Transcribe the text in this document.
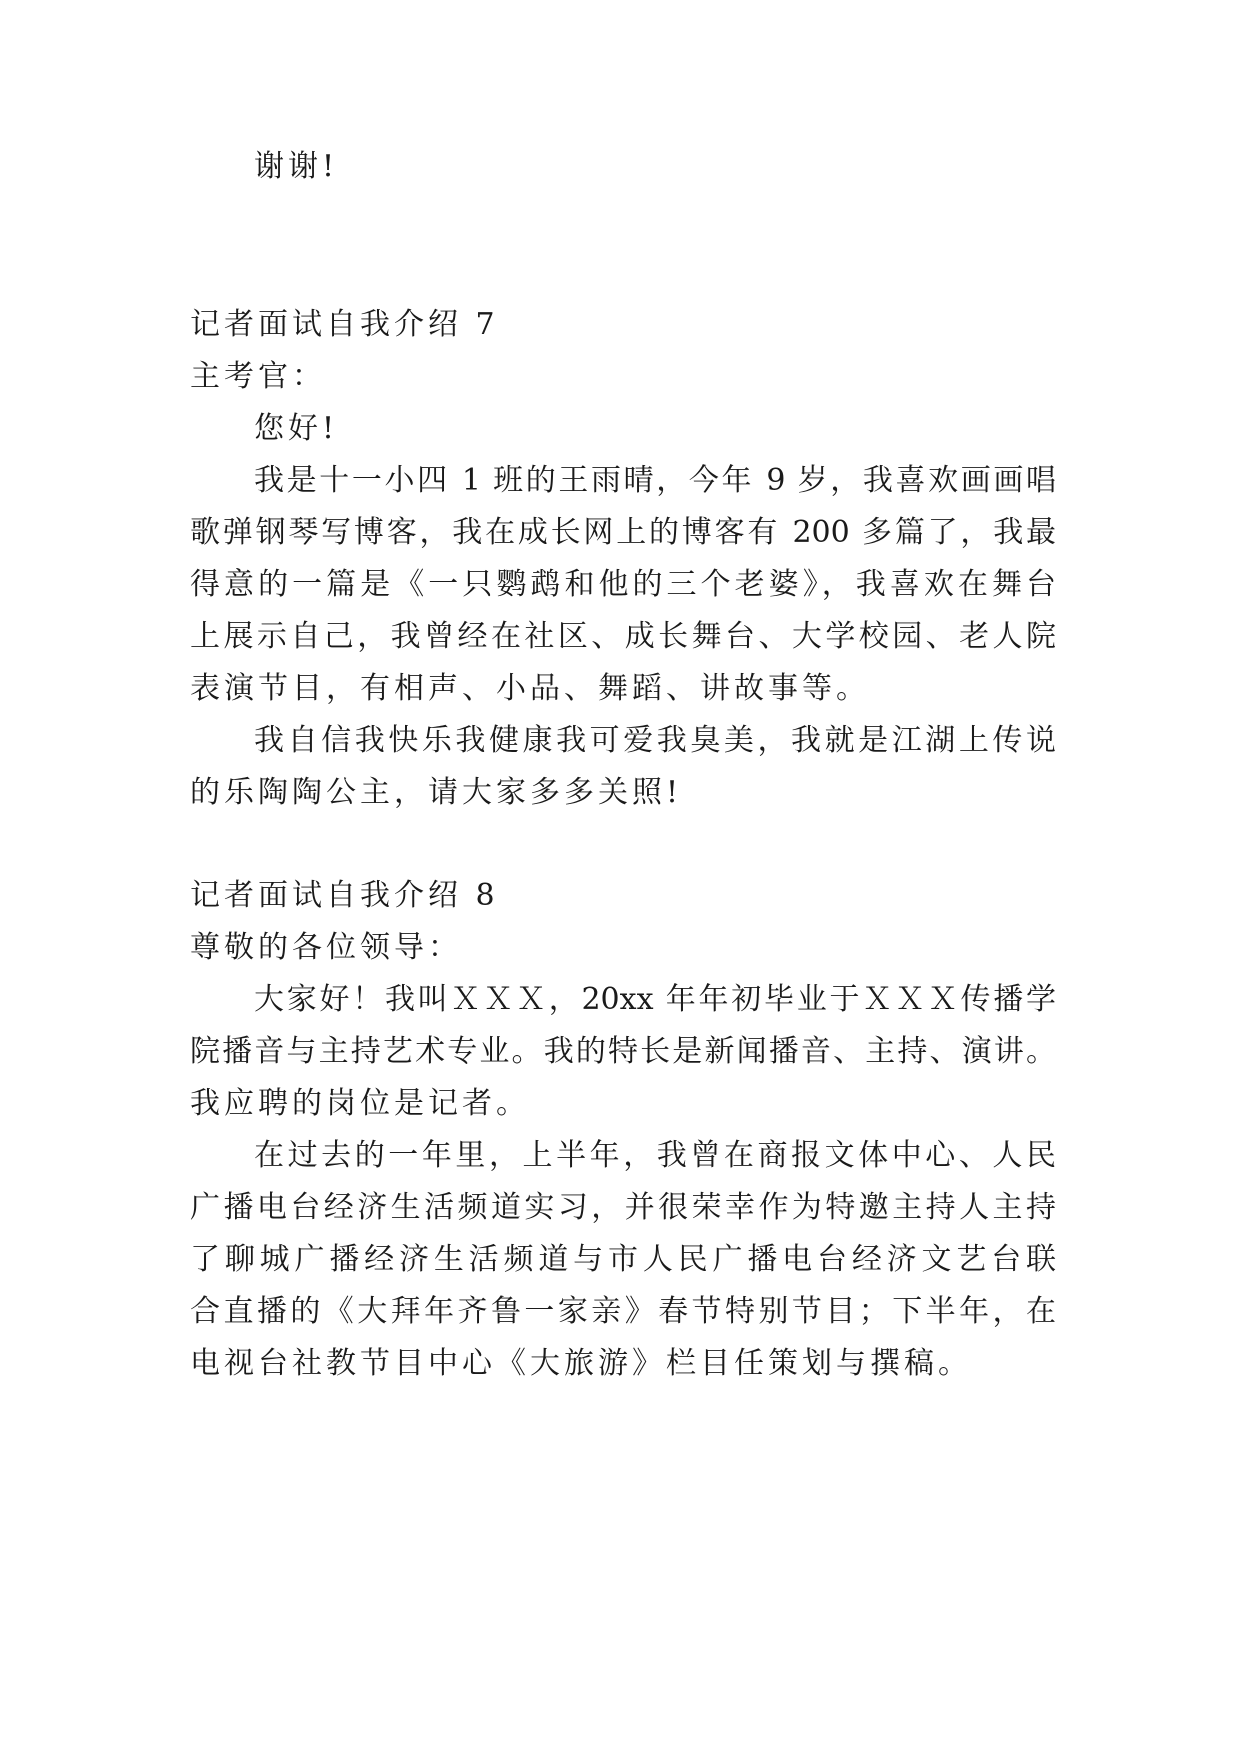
谢谢!
记者面试自我介绍 7
主考官：
您好!
我是十一小四 1 班的王雨晴，今年 9 岁，我喜欢画画唱
歌弹钢琴写博客，我在成长网上的博客有 200 多篇了，我最
得意的一篇是《一只鹦鹉和他的三个老婆》，我喜欢在舞台
上展示自己，我曾经在社区、成长舞台、大学校园、老人院
表演节目，有相声、小品、舞蹈、讲故事等。
我自信我快乐我健康我可爱我臭美，我就是江湖上传说
的乐陶陶公主，请大家多多关照!
记者面试自我介绍 8
尊敬的各位领导：
大家好！我叫ＸＸＸ，20xx 年年初毕业于ＸＸＸ传播学
院播音与主持艺术专业。我的特长是新闻播音、主持、演讲。
我应聘的岗位是记者。
在过去的一年里，上半年，我曾在商报文体中心、人民
广播电台经济生活频道实习，并很荣幸作为特邀主持人主持
了聊城广播经济生活频道与市人民广播电台经济文艺台联
合直播的《大拜年齐鲁一家亲》春节特别节目；下半年，在
电视台社教节目中心《大旅游》栏目任策划与撰稿。
